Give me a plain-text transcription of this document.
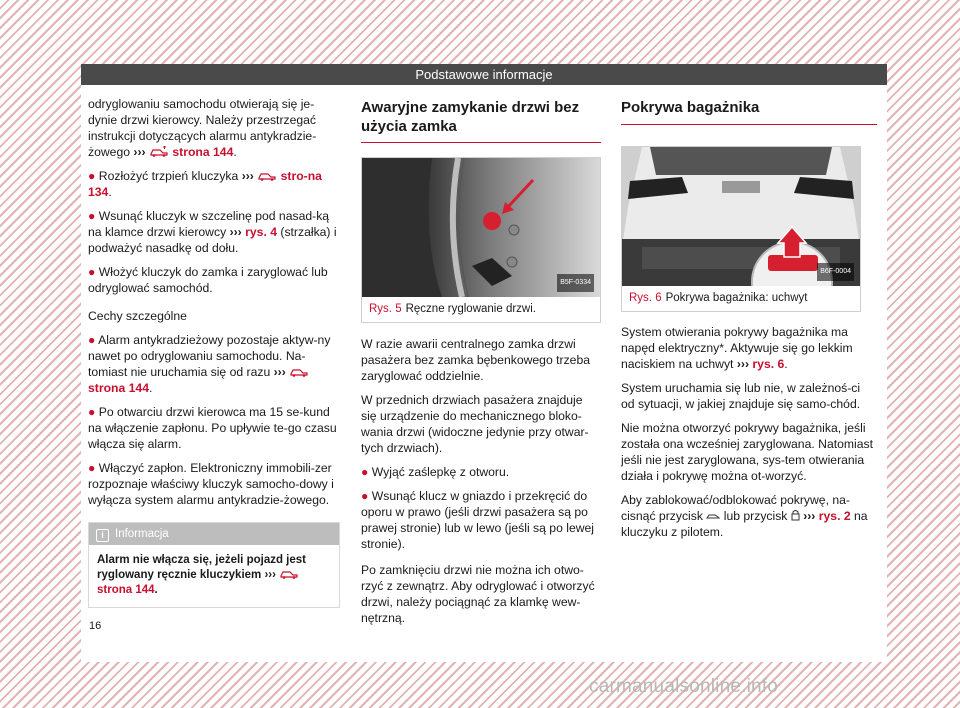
Podstawowe informacje

odryglowaniu samochodu otwierają się je-dynie drzwi kierowcy. Należy przestrzegać instrukcji dotyczących alarmu antykradzie-żowego ››› strona 144.

● Rozłożyć trzpień kluczyka ››› stro-na 134.

● Wsunąć kluczyk w szczelinę pod nasad-ką na klamce drzwi kierowcy ››› rys. 4 (strzałka) i podważyć nasadkę od dołu.

● Włożyć kluczyk do zamka i zaryglować lub odryglować samochód.

Cechy szczególne

● Alarm antykradzieżowy pozostaje aktyw-ny nawet po odryglowaniu samochodu. Na-tomiast nie uruchamia się od razu ›››  strona 144.

● Po otwarciu drzwi kierowca ma 15 se-kund na włączenie zapłonu. Po upływie te-go czasu włącza się alarm.

● Włączyć zapłon. Elektroniczny immobili-zer rozpoznaje właściwy kluczyk samocho-dowy i wyłącza system alarmu antykradzie-żowego.

i Informacja
Alarm nie włącza się, jeżeli pojazd jest ryglowany ręcznie kluczykiem ›››  strona 144.
Awaryjne zamykanie drzwi bez użycia zamka
B5F-0334
Rys. 5 Ręczne ryglowanie drzwi.

W razie awarii centralnego zamka drzwi pasażera bez zamka bębenkowego trzeba zaryglować oddzielnie.

W przednich drzwiach pasażera znajduje się urządzenie do mechanicznego bloko-wania drzwi (widoczne jedynie przy otwar-tych drzwiach).

● Wyjąć zaślepkę z otworu.

● Wsunąć klucz w gniazdo i przekręcić do oporu w prawo (jeśli drzwi pasażera są po prawej stronie) lub w lewo (jeśli są po lewej stronie).

Po zamknięciu drzwi nie można ich otwo-rzyć z zewnątrz. Aby odryglować i otworzyć drzwi, należy pociągnąć za klamkę wew-nętrzną.

Pokrywa bagażnika
B6F-0004
Rys. 6 Pokrywa bagażnika: uchwyt

System otwierania pokrywy bagażnika ma napęd elektryczny*. Aktywuje się go lekkim naciskiem na uchwyt ››› rys. 6.

System uruchamia się lub nie, w zależnoś-ci od sytuacji, w jakiej znajduje się samo-chód.

Nie można otworzyć pokrywy bagażnika, jeśli została ona wcześniej zaryglowana. Natomiast jeśli nie jest zaryglowana, sys-tem otwierania działa i pokrywę można ot-worzyć.

Aby zablokować/odblokować pokrywę, na-cisnąć przycisk  lub przycisk  ››› rys. 2 na kluczyku z pilotem.

16
carmanualsonline.info
